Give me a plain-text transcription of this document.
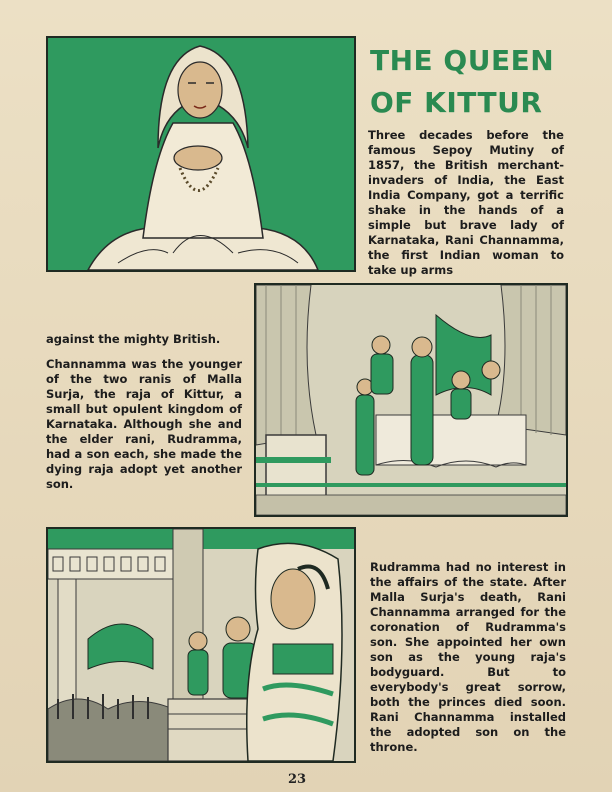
THE QUEEN
OF KITTUR

Three decades before the famous Sepoy Mutiny of 1857, the British merchant-invaders of India, the East India Company, got a terrific shake in the hands of a simple but brave lady of Karnataka, Rani Channamma, the first Indian woman to take up arms

against the mighty British.

Channamma was the younger of the two ranis of Malla Surja, the raja of Kittur, a small but opulent kingdom of Karnataka. Although she and the elder rani, Rudramma, had a son each, she made the dying raja adopt yet another son.

Rudramma had no interest in the affairs of the state. After Malla Surja's death, Rani Channamma arranged for the coronation of Rudramma's son. She appointed her own son as the young raja's bodyguard. But to everybody's great sorrow, both the princes died soon. Rani Channamma installed the adopted son on the throne.

23
